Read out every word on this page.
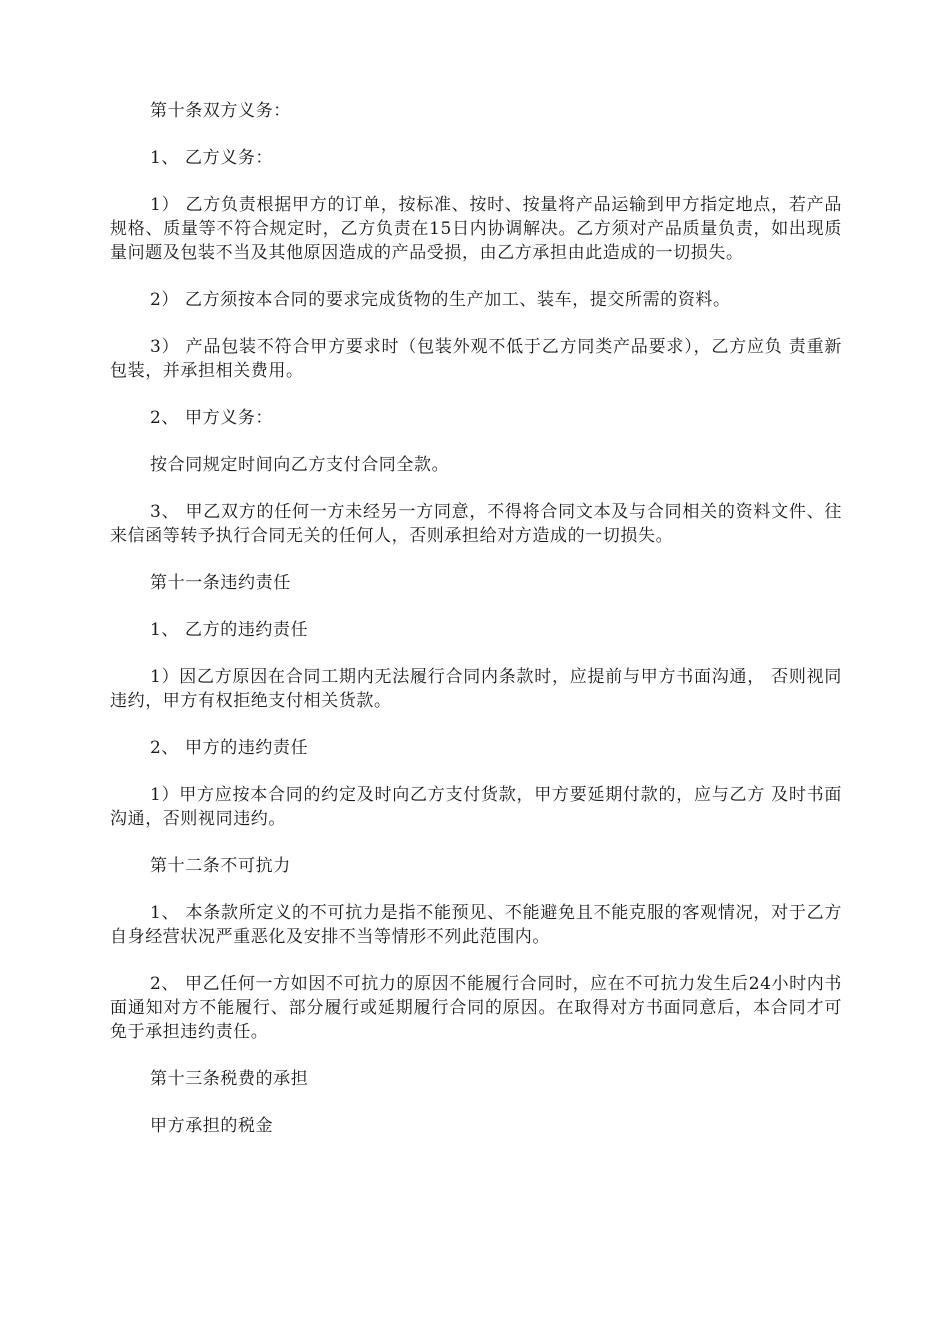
第十条双方义务：

1、 乙方义务：

1） 乙方负责根据甲方的订单，按标准、按时、按量将产品运输到甲方指定地点，若产品规格、质量等不符合规定时，乙方负责在15日内协调解决。乙方须对产品质量负责，如出现质量问题及包装不当及其他原因造成的产品受损，由乙方承担由此造成的一切损失。

2） 乙方须按本合同的要求完成货物的生产加工、装车，提交所需的资料。

3） 产品包装不符合甲方要求时（包装外观不低于乙方同类产品要求），乙方应负 责重新包装，并承担相关费用。

2、 甲方义务：

按合同规定时间向乙方支付合同全款。

3、 甲乙双方的任何一方未经另一方同意，不得将合同文本及与合同相关的资料文件、往来信函等转予执行合同无关的任何人，否则承担给对方造成的一切损失。

第十一条违约责任

1、 乙方的违约责任

1）因乙方原因在合同工期内无法履行合同内条款时，应提前与甲方书面沟通， 否则视同违约，甲方有权拒绝支付相关货款。

2、 甲方的违约责任

1）甲方应按本合同的约定及时向乙方支付货款，甲方要延期付款的，应与乙方 及时书面沟通，否则视同违约。

第十二条不可抗力

1、 本条款所定义的不可抗力是指不能预见、不能避免且不能克服的客观情况，对于乙方自身经营状况严重恶化及安排不当等情形不列此范围内。

2、 甲乙任何一方如因不可抗力的原因不能履行合同时，应在不可抗力发生后24小时内书面通知对方不能履行、部分履行或延期履行合同的原因。在取得对方书面同意后，本合同才可免于承担违约责任。

第十三条税费的承担

甲方承担的税金
